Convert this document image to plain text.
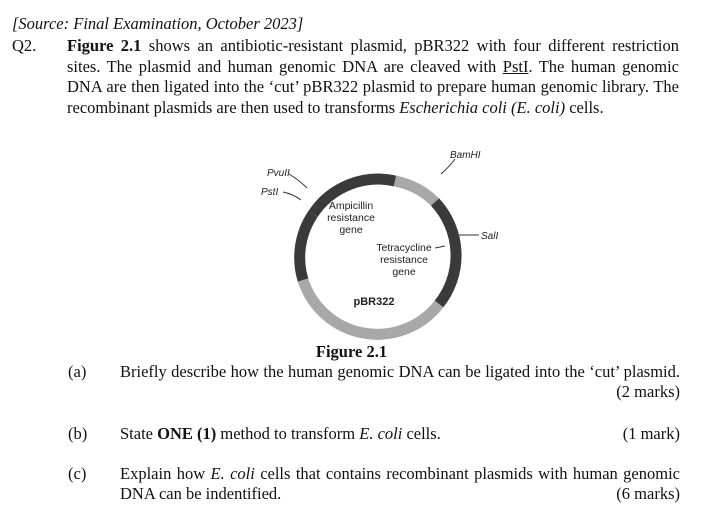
[Source: Final Examination, October 2023]
Q2. Figure 2.1 shows an antibiotic-resistant plasmid, pBR322 with four different restriction sites. The plasmid and human genomic DNA are cleaved with PstI. The human genomic DNA are then ligated into the ‘cut’ pBR322 plasmid to prepare human genomic library. The recombinant plasmids are then used to transforms Escherichia coli (E. coli) cells.
PvuII
PstI
BamHI
SalI
Ampicillin
resistance
gene
Tetracycline
resistance
gene
pBR322
Figure 2.1
(a) Briefly describe how the human genomic DNA can be ligated into the ‘cut’ plasmid.
(2 marks)
(b) State ONE (1) method to transform E. coli cells.	(1 mark)
(c) Explain how E. coli cells that contains recombinant plasmids with human genomic DNA can be indentified.	(6 marks)
